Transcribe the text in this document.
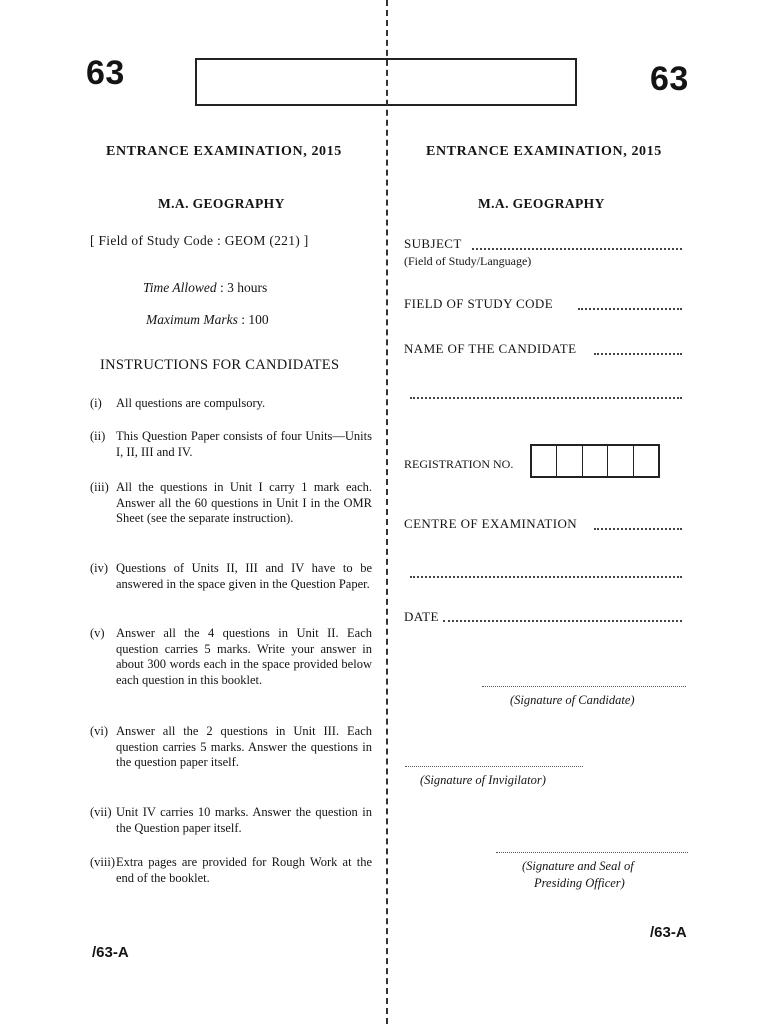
63	63
ENTRANCE EXAMINATION, 2015
M.A. GEOGRAPHY
[ Field of Study Code : GEOM (221) ]
Time Allowed : 3 hours
Maximum Marks : 100
INSTRUCTIONS FOR CANDIDATES
(i) All questions are compulsory.
(ii) This Question Paper consists of four Units—Units I, II, III and IV.
(iii) All the questions in Unit I carry 1 mark each. Answer all the 60 questions in Unit I in the OMR Sheet (see the separate instruction).
(iv) Questions of Units II, III and IV have to be answered in the space given in the Question Paper.
(v) Answer all the 4 questions in Unit II. Each question carries 5 marks. Write your answer in about 300 words each in the space provided below each question in this booklet.
(vi) Answer all the 2 questions in Unit III. Each question carries 5 marks. Answer the questions in the question paper itself.
(vii) Unit IV carries 10 marks. Answer the question in the Question paper itself.
(viii) Extra pages are provided for Rough Work at the end of the booklet.
/63-A
ENTRANCE EXAMINATION, 2015
M.A. GEOGRAPHY
SUBJECT
(Field of Study/Language)
FIELD OF STUDY CODE
NAME OF THE CANDIDATE
REGISTRATION NO.
CENTRE OF EXAMINATION
DATE
(Signature of Candidate)
(Signature of Invigilator)
(Signature and Seal of
Presiding Officer)
/63-A
